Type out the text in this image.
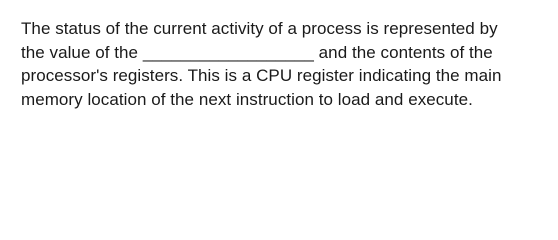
The status of the current activity of a process is represented by
the value of the __________________ and the contents of the
processor's registers. This is a CPU register indicating the main
memory location of the next instruction to load and execute.
